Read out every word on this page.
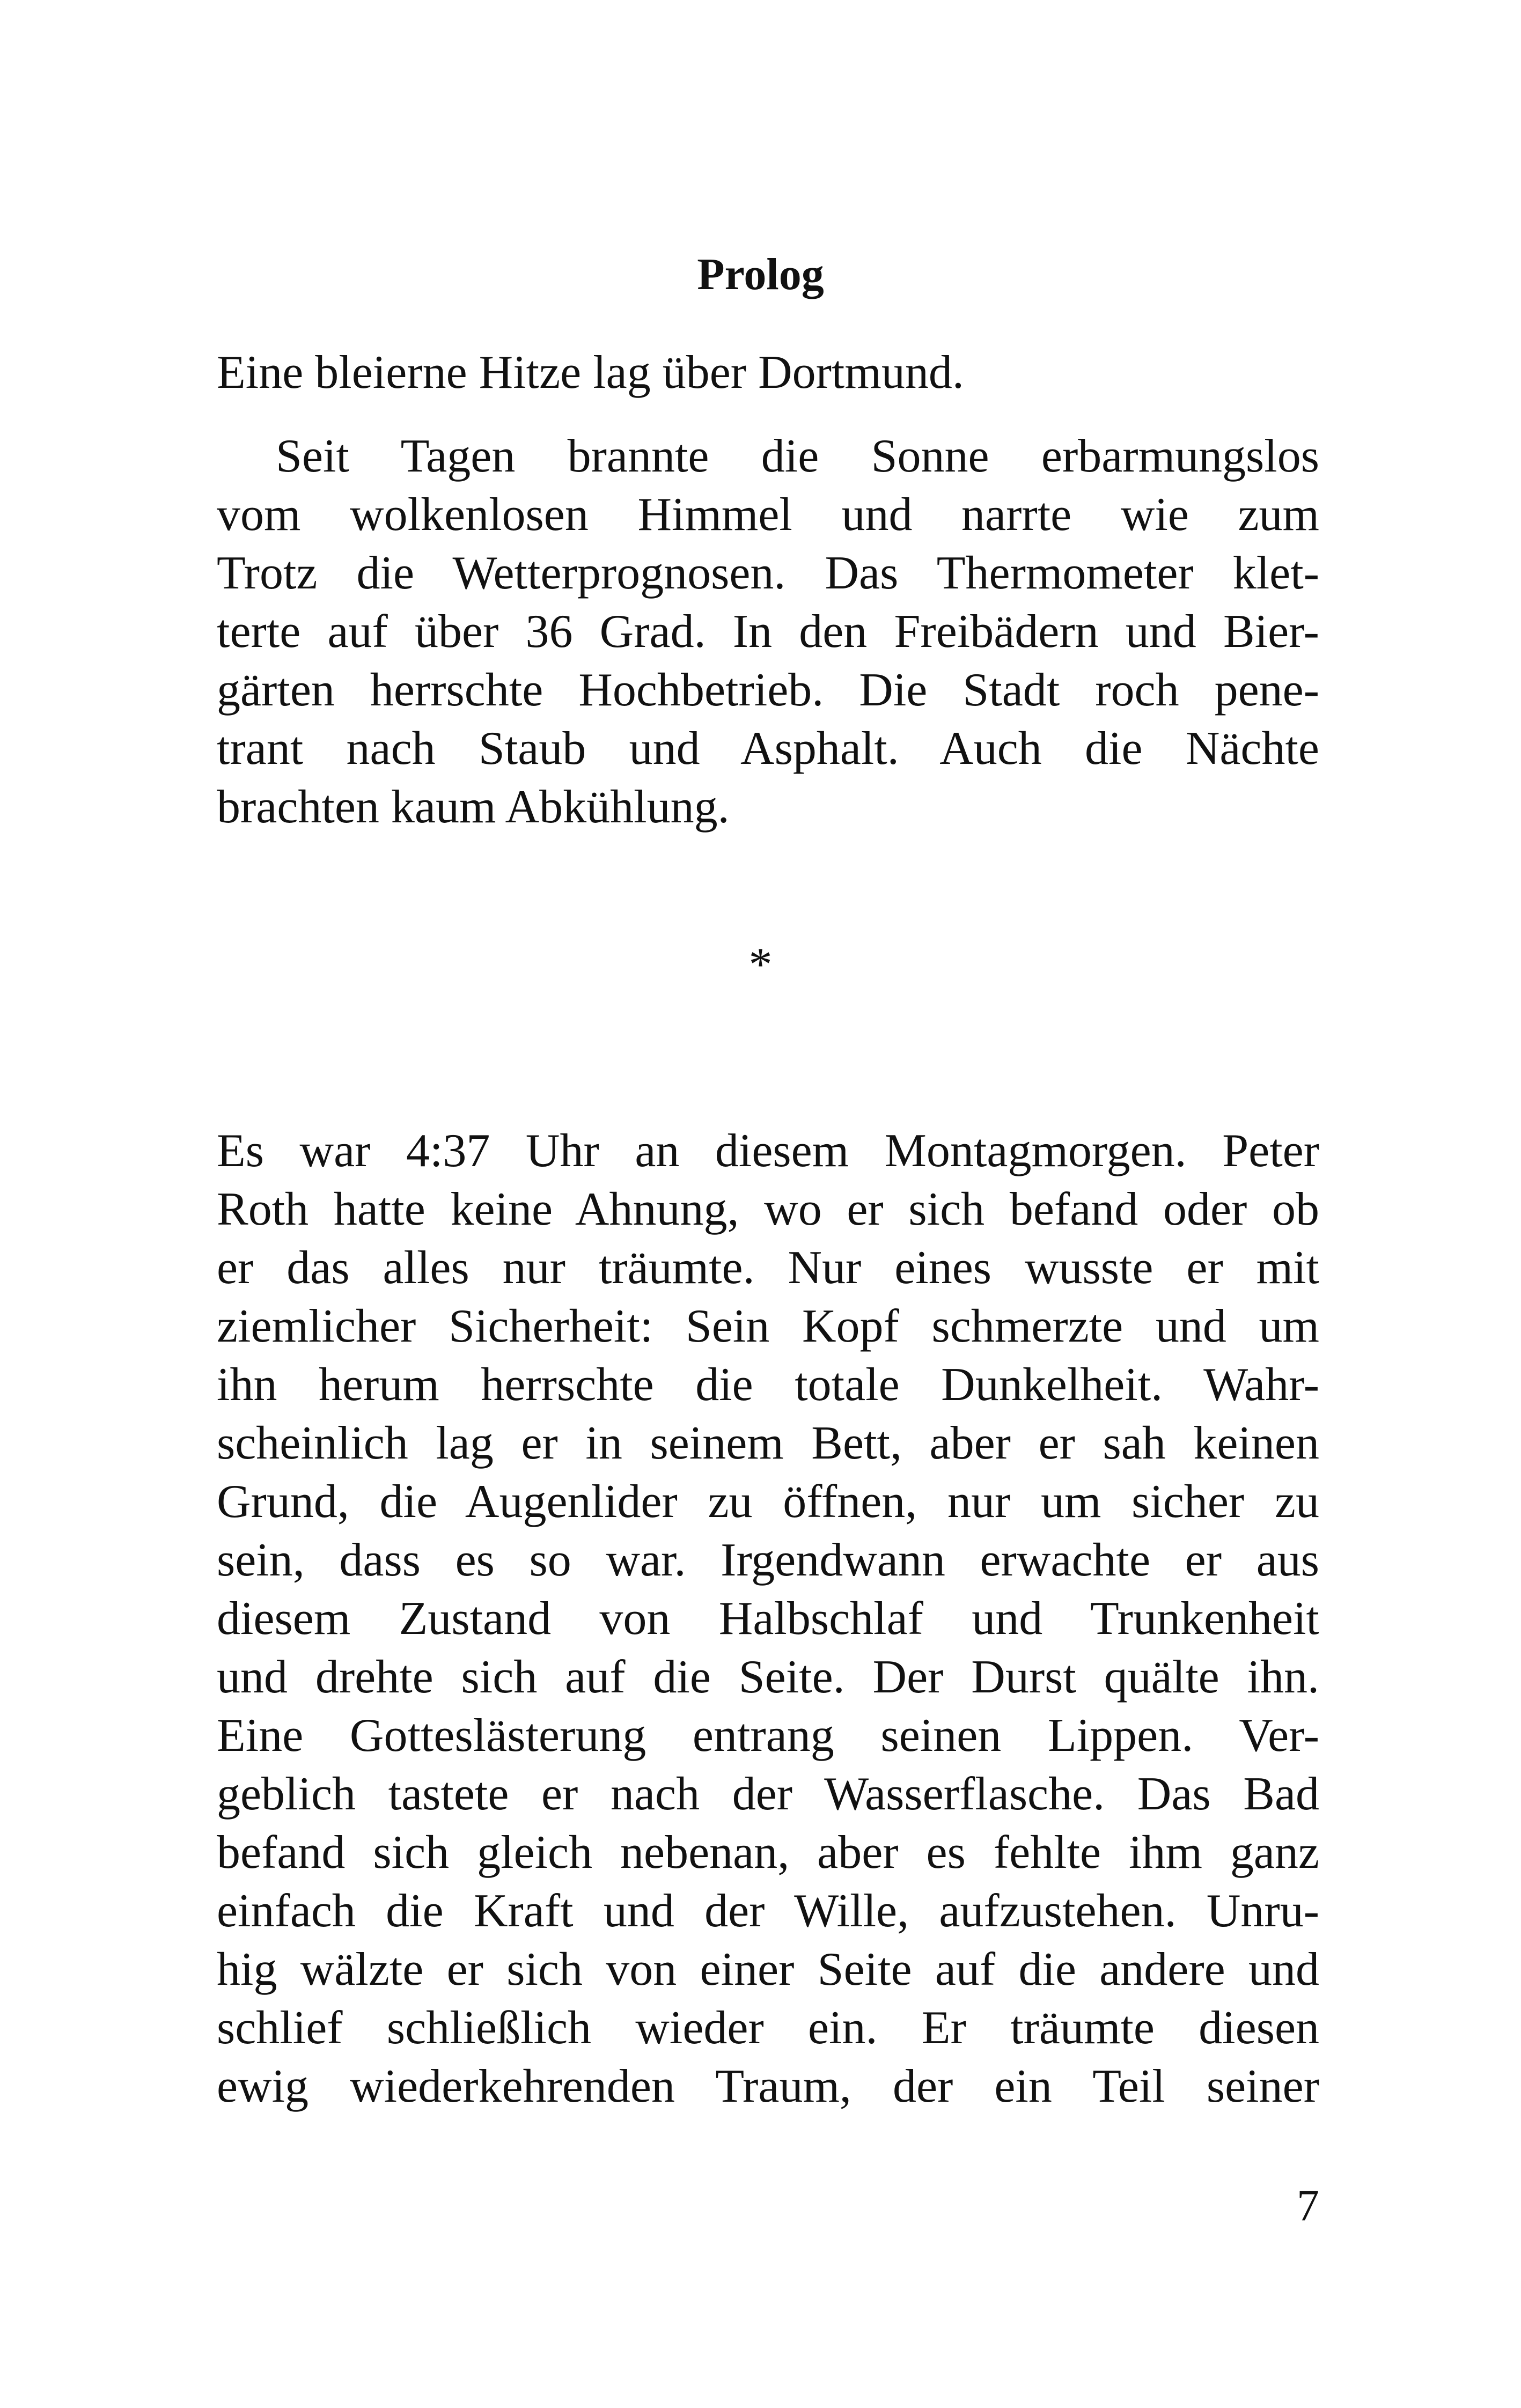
Prolog
Eine bleierne Hitze lag über Dortmund.
Seit Tagen brannte die Sonne erbarmungslos
vom wolkenlosen Himmel und narrte wie zum
Trotz die Wetterprognosen. Das Thermometer klet-
terte auf über 36 Grad. In den Freibädern und Bier-
gärten herrschte Hochbetrieb. Die Stadt roch pene-
trant nach Staub und Asphalt. Auch die Nächte
brachten kaum Abkühlung.
*
Es war 4:37 Uhr an diesem Montagmorgen. Peter
Roth hatte keine Ahnung, wo er sich befand oder ob
er das alles nur träumte. Nur eines wusste er mit
ziemlicher Sicherheit: Sein Kopf schmerzte und um
ihn herum herrschte die totale Dunkelheit. Wahr-
scheinlich lag er in seinem Bett, aber er sah keinen
Grund, die Augenlider zu öffnen, nur um sicher zu
sein, dass es so war. Irgendwann erwachte er aus
diesem Zustand von Halbschlaf und Trunkenheit
und drehte sich auf die Seite. Der Durst quälte ihn.
Eine Gotteslästerung entrang seinen Lippen. Ver-
geblich tastete er nach der Wasserflasche. Das Bad
befand sich gleich nebenan, aber es fehlte ihm ganz
einfach die Kraft und der Wille, aufzustehen. Unru-
hig wälzte er sich von einer Seite auf die andere und
schlief schließlich wieder ein. Er träumte diesen
ewig wiederkehrenden Traum, der ein Teil seiner
7
